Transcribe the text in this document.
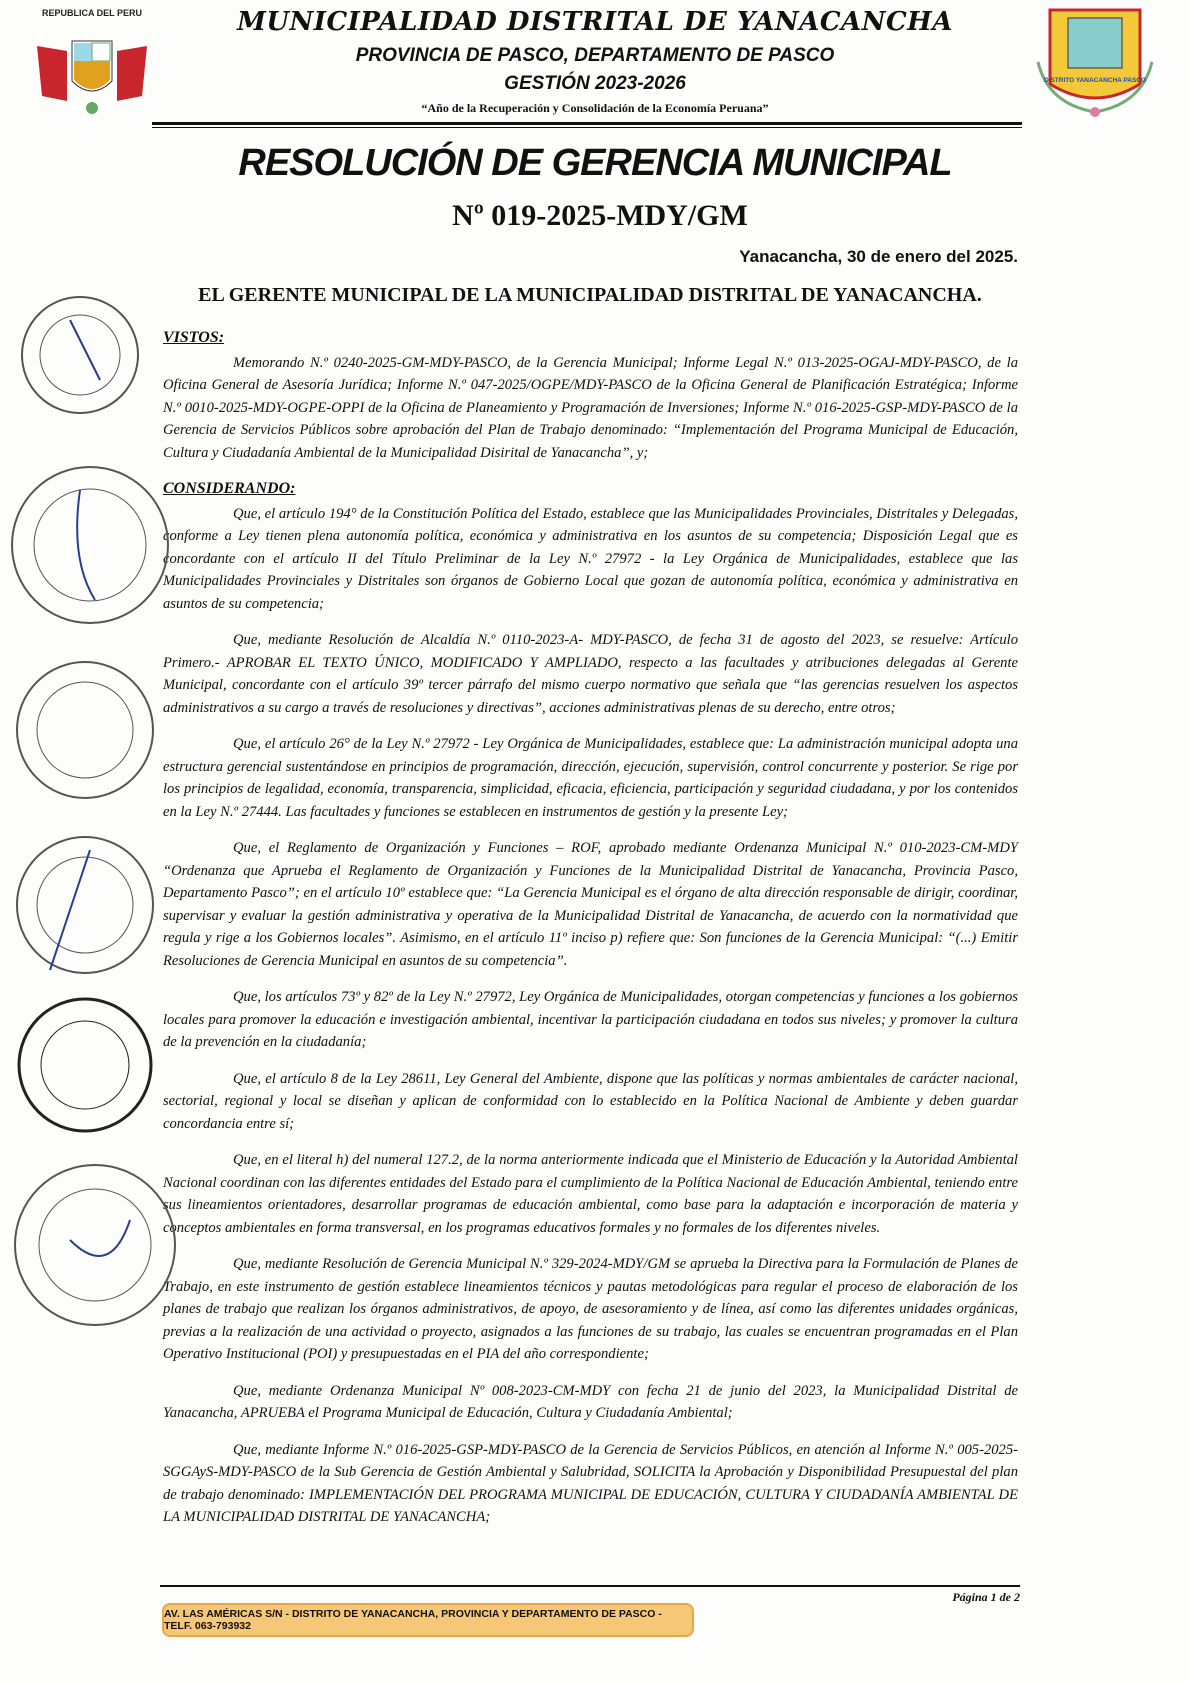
REPUBLICA DEL PERU	MUNICIPALIDAD DISTRITAL DE YANACANCHA
PROVINCIA DE PASCO, DEPARTAMENTO DE PASCO
GESTIÓN 2023-2026
“Año de la Recuperación y Consolidación de la Economía Peruana”
DISTRITO YANACANCHA PASCO
RESOLUCIÓN DE GERENCIA MUNICIPAL
Nº 019-2025-MDY/GM
Yanacancha, 30 de enero del 2025.
EL GERENTE MUNICIPAL DE LA MUNICIPALIDAD DISTRITAL DE YANACANCHA.
VISTOS:

Memorando N.º 0240-2025-GM-MDY-PASCO, de la Gerencia Municipal; Informe Legal N.º 013-2025-OGAJ-MDY-PASCO, de la Oficina General de Asesoría Jurídica; Informe N.º 047-2025/OGPE/MDY-PASCO de la Oficina General de Planificación Estratégica; Informe N.º 0010-2025-MDY-OGPE-OPPI de la Oficina de Planeamiento y Programación de Inversiones; Informe N.º 016-2025-GSP-MDY-PASCO de la Gerencia de Servicios Públicos sobre aprobación del Plan de Trabajo denominado: “Implementación del Programa Municipal de Educación, Cultura y Ciudadanía Ambiental de la Municipalidad Disirital de Yanacancha”, y;

CONSIDERANDO:

Que, el artículo 194° de la Constitución Política del Estado, establece que las Municipalidades Provinciales, Distritales y Delegadas, conforme a Ley tienen plena autonomía política, económica y administrativa en los asuntos de su competencia; Disposición Legal que es concordante con el artículo II del Título Preliminar de la Ley N.º 27972 - la Ley Orgánica de Municipalidades, establece que las Municipalidades Provinciales y Distritales son órganos de Gobierno Local que gozan de autonomía política, económica y administrativa en asuntos de su competencia;

Que, mediante Resolución de Alcaldía N.º 0110-2023-A- MDY-PASCO, de fecha 31 de agosto del 2023, se resuelve: Artículo Primero.- APROBAR EL TEXTO ÚNICO, MODIFICADO Y AMPLIADO, respecto a las facultades y atribuciones delegadas al Gerente Municipal, concordante con el artículo 39º tercer párrafo del mismo cuerpo normativo que señala que “las gerencias resuelven los aspectos administrativos a su cargo a través de resoluciones y directivas”, acciones administrativas plenas de su derecho, entre otros;

Que, el artículo 26° de la Ley N.º 27972 - Ley Orgánica de Municipalidades, establece que: La administración municipal adopta una estructura gerencial sustentándose en principios de programación, dirección, ejecución, supervisión, control concurrente y posterior. Se rige por los principios de legalidad, economía, transparencia, simplicidad, eficacia, eficiencia, participación y seguridad ciudadana, y por los contenidos en la Ley N.º 27444. Las facultades y funciones se establecen en instrumentos de gestión y la presente Ley;

Que, el Reglamento de Organización y Funciones – ROF, aprobado mediante Ordenanza Municipal N.º 010-2023-CM-MDY “Ordenanza que Aprueba el Reglamento de Organización y Funciones de la Municipalidad Distrital de Yanacancha, Provincia Pasco, Departamento Pasco”; en el artículo 10º establece que: “La Gerencia Municipal es el órgano de alta dirección responsable de dirigir, coordinar, supervisar y evaluar la gestión administrativa y operativa de la Municipalidad Distrital de Yanacancha, de acuerdo con la normatividad que regula y rige a los Gobiernos locales”. Asimismo, en el artículo 11º inciso p) refiere que: Son funciones de la Gerencia Municipal: “(...) Emitir Resoluciones de Gerencia Municipal en asuntos de su competencia”.

Que, los artículos 73º y 82º de la Ley N.º 27972, Ley Orgánica de Municipalidades, otorgan competencias y funciones a los gobiernos locales para promover la educación e investigación ambiental, incentivar la participación ciudadana en todos sus niveles; y promover la cultura de la prevención en la ciudadanía;

Que, el artículo 8 de la Ley 28611, Ley General del Ambiente, dispone que las políticas y normas ambientales de carácter nacional, sectorial, regional y local se diseñan y aplican de conformidad con lo establecido en la Política Nacional de Ambiente y deben guardar concordancia entre sí;

Que, en el literal h) del numeral 127.2, de la norma anteriormente indicada que el Ministerio de Educación y la Autoridad Ambiental Nacional coordinan con las diferentes entidades del Estado para el cumplimiento de la Política Nacional de Educación Ambiental, teniendo entre sus lineamientos orientadores, desarrollar programas de educación ambiental, como base para la adaptación e incorporación de materia y conceptos ambientales en forma transversal, en los programas educativos formales y no formales de los diferentes niveles.

Que, mediante Resolución de Gerencia Municipal N.º 329-2024-MDY/GM se aprueba la Directiva para la Formulación de Planes de Trabajo, en este instrumento de gestión establece lineamientos técnicos y pautas metodológicas para regular el proceso de elaboración de los planes de trabajo que realizan los órganos administrativos, de apoyo, de asesoramiento y de línea, así como las diferentes unidades orgánicas, previas a la realización de una actividad o proyecto, asignados a las funciones de su trabajo, las cuales se encuentran programadas en el Plan Operativo Institucional (POI) y presupuestadas en el PIA del año correspondiente;

Que, mediante Ordenanza Municipal Nº 008-2023-CM-MDY con fecha 21 de junio del 2023, la Municipalidad Distrital de Yanacancha, APRUEBA el Programa Municipal de Educación, Cultura y Ciudadanía Ambiental;

Que, mediante Informe N.º 016-2025-GSP-MDY-PASCO de la Gerencia de Servicios Públicos, en atención al Informe N.º 005-2025-SGGAyS-MDY-PASCO de la Sub Gerencia de Gestión Ambiental y Salubridad, SOLICITA la Aprobación y Disponibilidad Presupuestal del plan de trabajo denominado: IMPLEMENTACIÓN DEL PROGRAMA MUNICIPAL DE EDUCACIÓN, CULTURA Y CIUDADANÍA AMBIENTAL DE LA MUNICIPALIDAD DISTRITAL DE YANACANCHA;

Página 1 de 2
AV. LAS AMÉRICAS S/N - DISTRITO DE YANACANCHA, PROVINCIA Y DEPARTAMENTO DE PASCO - TELF. 063-793932
